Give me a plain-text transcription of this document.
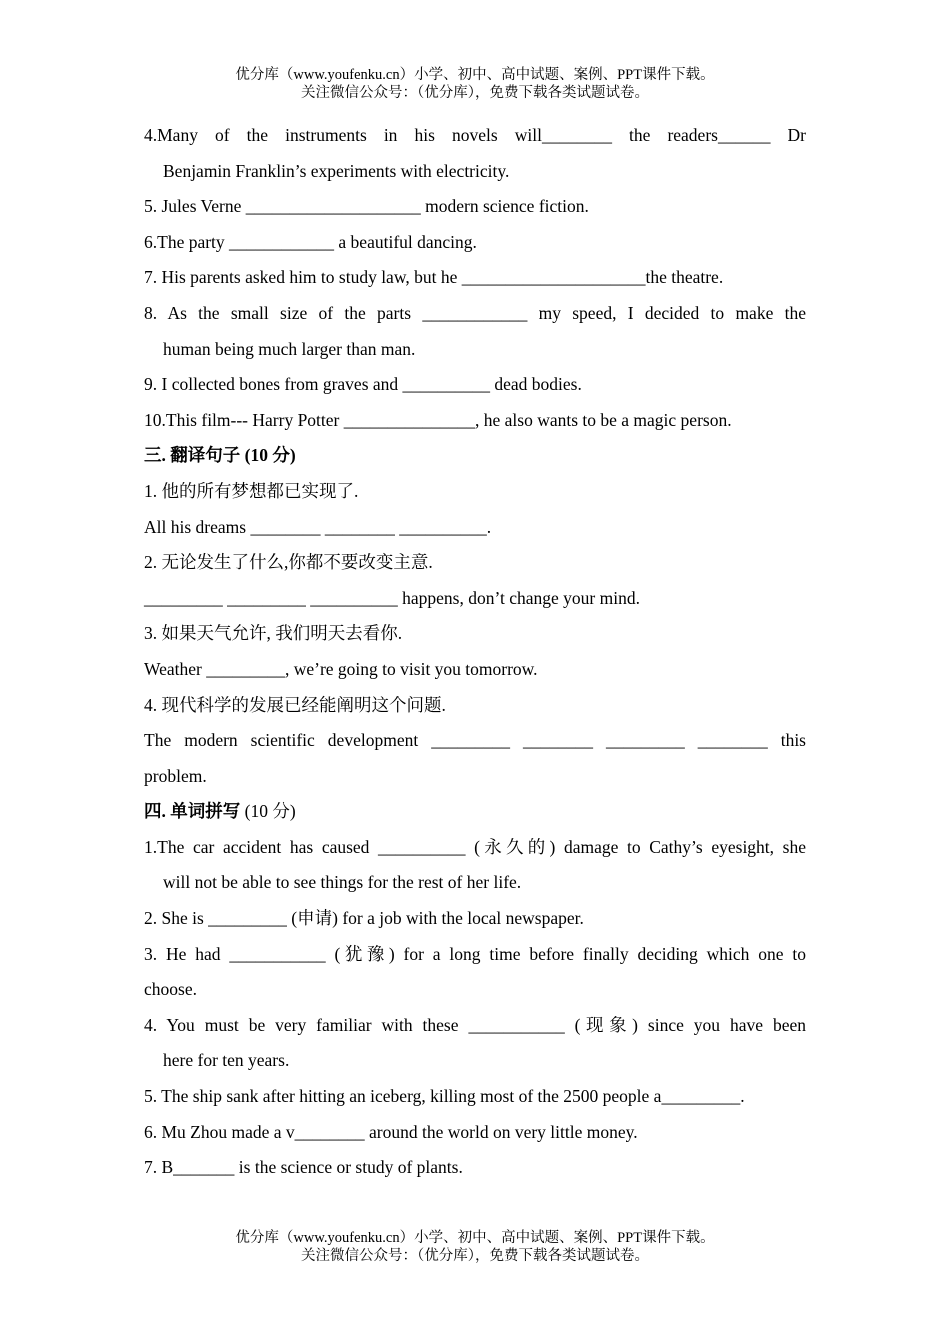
优分库（www.youfenku.cn）小学、初中、高中试题、案例、PPT课件下载。
关注微信公众号：（优分库），免费下载各类试题试卷。
4.Many of the instruments in his novels will________ the readers______ Dr
Benjamin Franklin’s experiments with electricity.
5. Jules Verne ____________________ modern science fiction.
6.The party ____________ a beautiful dancing.
7. His parents asked him to study law, but he _____________________the theatre.
8. As the small size of the parts ____________ my speed, I decided to make the
human being much larger than man.
9. I collected bones from graves and __________ dead bodies.
10.This film--- Harry Potter _______________, he also wants to be a magic person.
三. 翻译句子 (10 分)
1. 他的所有梦想都已实现了.
All his dreams ________ ________ __________.
2. 无论发生了什么,你都不要改变主意.
_________ _________ __________ happens, don’t change your mind.
3. 如果天气允许, 我们明天去看你.
Weather _________, we’re going to visit you tomorrow.
4. 现代科学的发展已经能阐明这个问题.
The modern scientific development _________ ________ _________ ________ this
problem.
四. 单词拼写 (10 分)
1.The car accident has caused __________ (永久的) damage to Cathy’s eyesight, she
will not be able to see things for the rest of her life.
2. She is _________ (申请) for a job with the local newspaper.
3. He had ___________ (犹豫) for a long time before finally deciding which one to
choose.
4. You must be very familiar with these ___________ (现象) since you have been
here for ten years.
5. The ship sank after hitting an iceberg, killing most of the 2500 people a_________.
6. Mu Zhou made a v________ around the world on very little money.
7. B_______ is the science or study of plants.
优分库（www.youfenku.cn）小学、初中、高中试题、案例、PPT课件下载。
关注微信公众号：（优分库），免费下载各类试题试卷。
